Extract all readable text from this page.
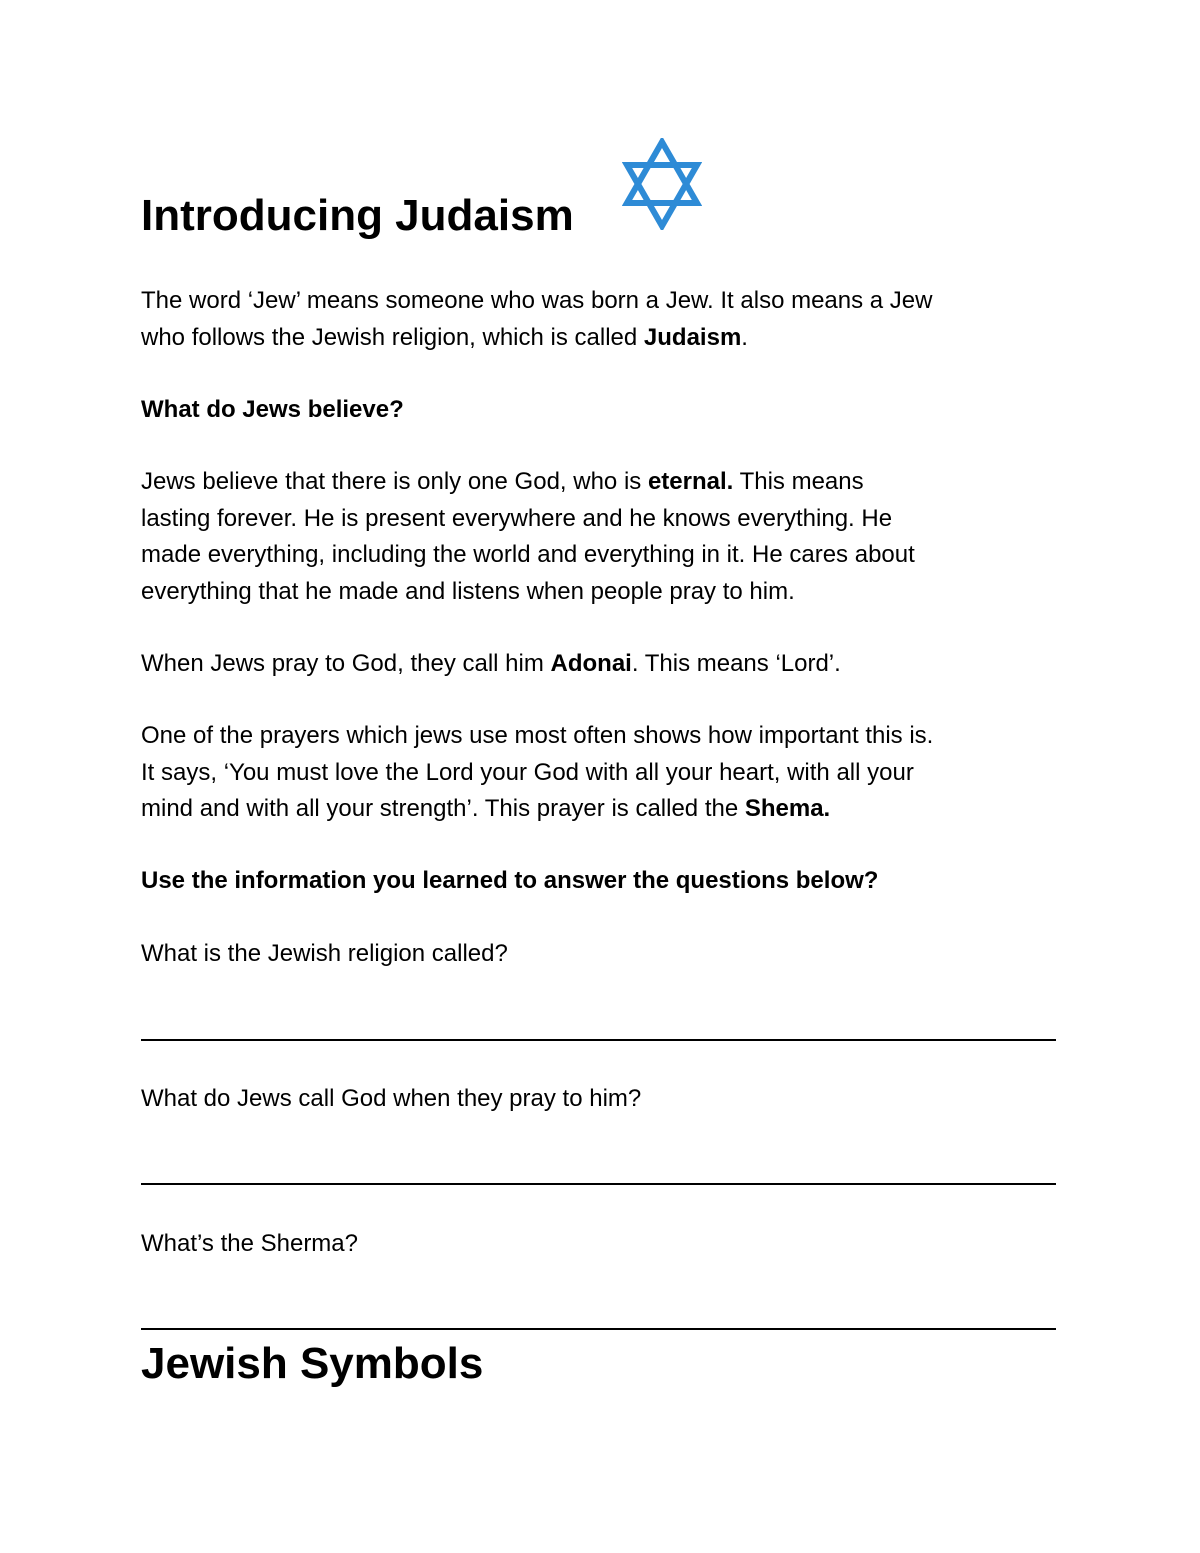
Introducing Judaism

The word ‘Jew’ means someone who was born a Jew. It also means a Jew
who follows the Jewish religion, which is called Judaism.

What do Jews believe?

Jews believe that there is only one God, who is eternal. This means
lasting forever. He is present everywhere and he knows everything. He
made everything, including the world and everything in it. He cares about
everything that he made and listens when people pray to him.

When Jews pray to God, they call him Adonai. This means ‘Lord’.

One of the prayers which jews use most often shows how important this is.
It says, ‘You must love the Lord your God with all your heart, with all your
mind and with all your strength’. This prayer is called the Shema.

Use the information you learned to answer the questions below?

What is the Jewish religion called?

What do Jews call God when they pray to him?

What’s the Sherma?

Jewish Symbols
